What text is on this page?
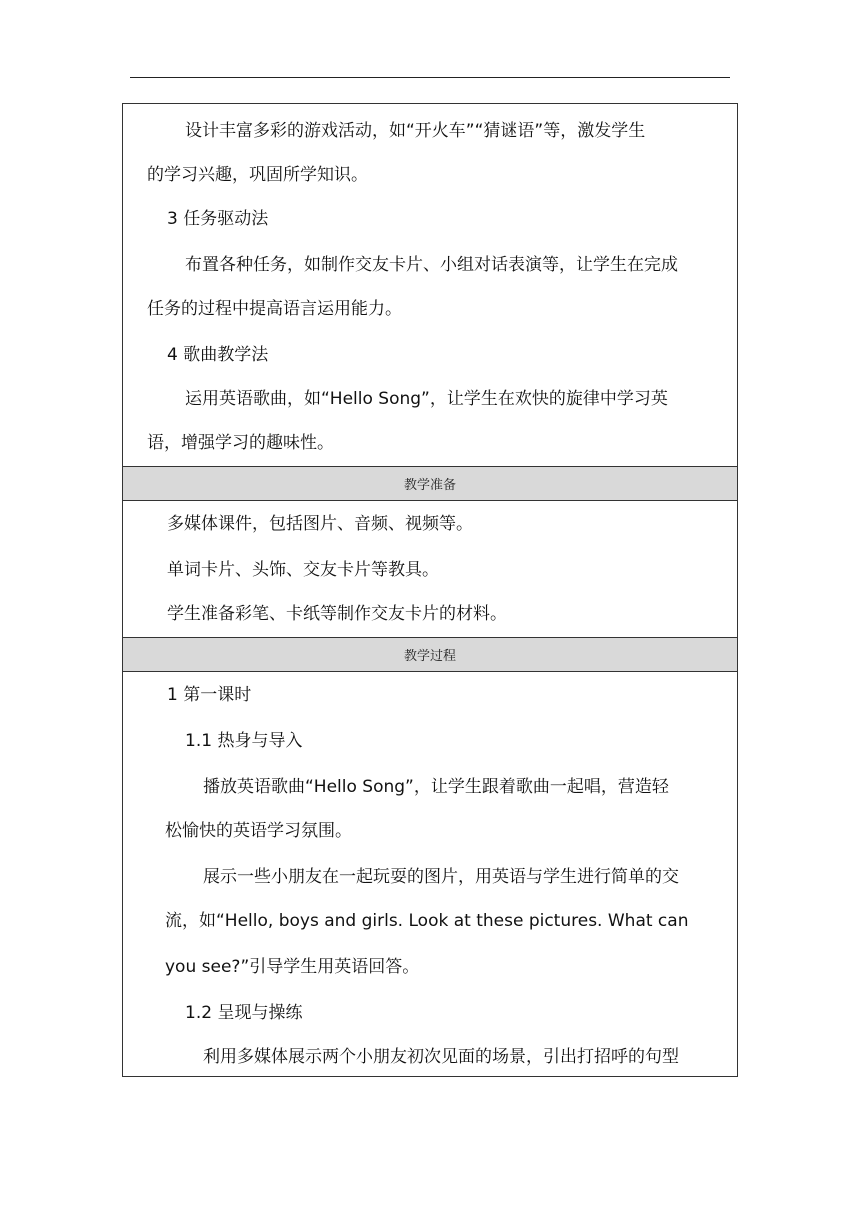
设计丰富多彩的游戏活动，如“开火车”“猜谜语”等，激发学生
的学习兴趣，巩固所学知识。
3 任务驱动法
布置各种任务，如制作交友卡片、小组对话表演等，让学生在完成
任务的过程中提高语言运用能力。
4 歌曲教学法
运用英语歌曲，如“Hello Song”，让学生在欢快的旋律中学习英
语，增强学习的趣味性。
教学准备
多媒体课件，包括图片、音频、视频等。
单词卡片、头饰、交友卡片等教具。
学生准备彩笔、卡纸等制作交友卡片的材料。
教学过程
1 第一课时
1.1 热身与导入
播放英语歌曲“Hello Song”，让学生跟着歌曲一起唱，营造轻
松愉快的英语学习氛围。
展示一些小朋友在一起玩耍的图片，用英语与学生进行简单的交
流，如“Hello, boys and girls. Look at these pictures. What can
you see?”引导学生用英语回答。
1.2 呈现与操练
利用多媒体展示两个小朋友初次见面的场景，引出打招呼的句型
